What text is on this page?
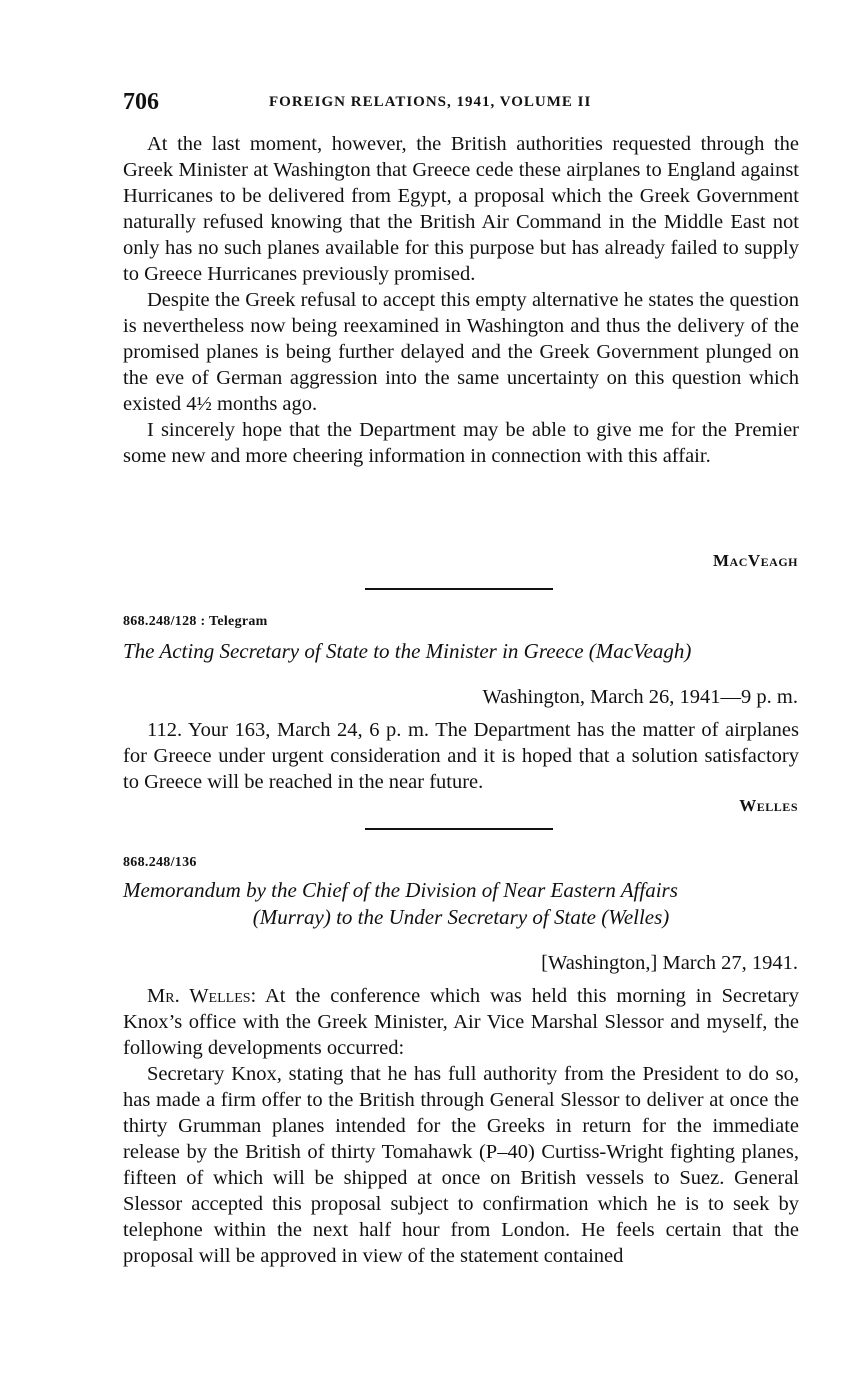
706	FOREIGN RELATIONS, 1941, VOLUME II

At the last moment, however, the British authorities requested through the Greek Minister at Washington that Greece cede these airplanes to England against Hurricanes to be delivered from Egypt, a proposal which the Greek Government naturally refused knowing that the British Air Command in the Middle East not only has no such planes available for this purpose but has already failed to supply to Greece Hurricanes previously promised.

Despite the Greek refusal to accept this empty alternative he states the question is nevertheless now being reexamined in Washington and thus the delivery of the promised planes is being further delayed and the Greek Government plunged on the eve of German aggression into the same uncertainty on this question which existed 4½ months ago.

I sincerely hope that the Department may be able to give me for the Premier some new and more cheering information in connection with this affair.

MacVeagh
868.248/128 : Telegram
The Acting Secretary of State to the Minister in Greece (MacVeagh)
Washington, March 26, 1941—9 p. m.

112. Your 163, March 24, 6 p. m. The Department has the matter of airplanes for Greece under urgent consideration and it is hoped that a solution satisfactory to Greece will be reached in the near future.

Welles
868.248/136
Memorandum by the Chief of the Division of Near Eastern Affairs
(Murray) to the Under Secretary of State (Welles)
[Washington,] March 27, 1941.

Mr. Welles: At the conference which was held this morning in Secretary Knox’s office with the Greek Minister, Air Vice Marshal Slessor and myself, the following developments occurred:

Secretary Knox, stating that he has full authority from the President to do so, has made a firm offer to the British through General Slessor to deliver at once the thirty Grumman planes intended for the Greeks in return for the immediate release by the British of thirty Tomahawk (P–40) Curtiss-Wright fighting planes, fifteen of which will be shipped at once on British vessels to Suez. General Slessor accepted this proposal subject to confirmation which he is to seek by telephone within the next half hour from London. He feels certain that the proposal will be approved in view of the statement contained
